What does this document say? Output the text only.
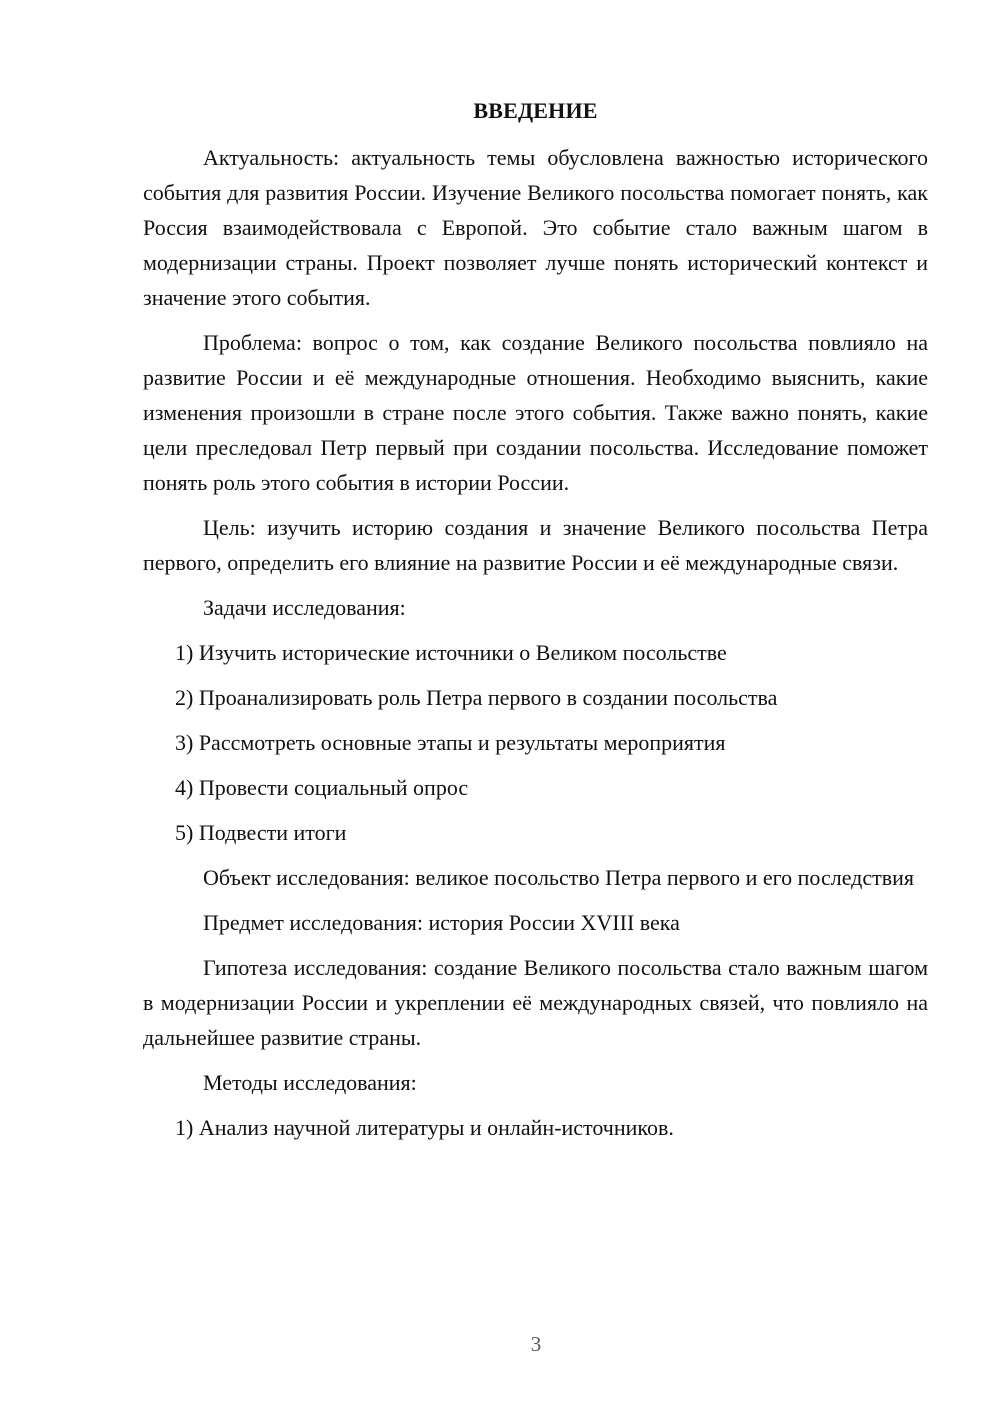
ВВЕДЕНИЕ

Актуальность: актуальность темы обусловлена важностью исторического события для развития России. Изучение Великого посольства помогает понять, как Россия взаимодействовала с Европой. Это событие стало важным шагом в модернизации страны. Проект позволяет лучше понять исторический контекст и значение этого события.

Проблема: вопрос о том, как создание Великого посольства повлияло на развитие России и её международные отношения. Необходимо выяснить, какие изменения произошли в стране после этого события. Также важно понять, какие цели преследовал Петр первый при создании посольства. Исследование поможет понять роль этого события в истории России.

Цель: изучить историю создания и значение Великого посольства Петра первого, определить его влияние на развитие России и её международные связи.

Задачи исследования:

1) Изучить исторические источники о Великом посольстве
2) Проанализировать роль Петра первого в создании посольства
3) Рассмотреть основные этапы и результаты мероприятия
4) Провести социальный опрос
5) Подвести итоги

Объект исследования: великое посольство Петра первого и его последствия

Предмет исследования: история России XVIII века

Гипотеза исследования: создание Великого посольства стало важным шагом в модернизации России и укреплении её международных связей, что повлияло на дальнейшее развитие страны.

Методы исследования:

1) Анализ научной литературы и онлайн-источников.
3
